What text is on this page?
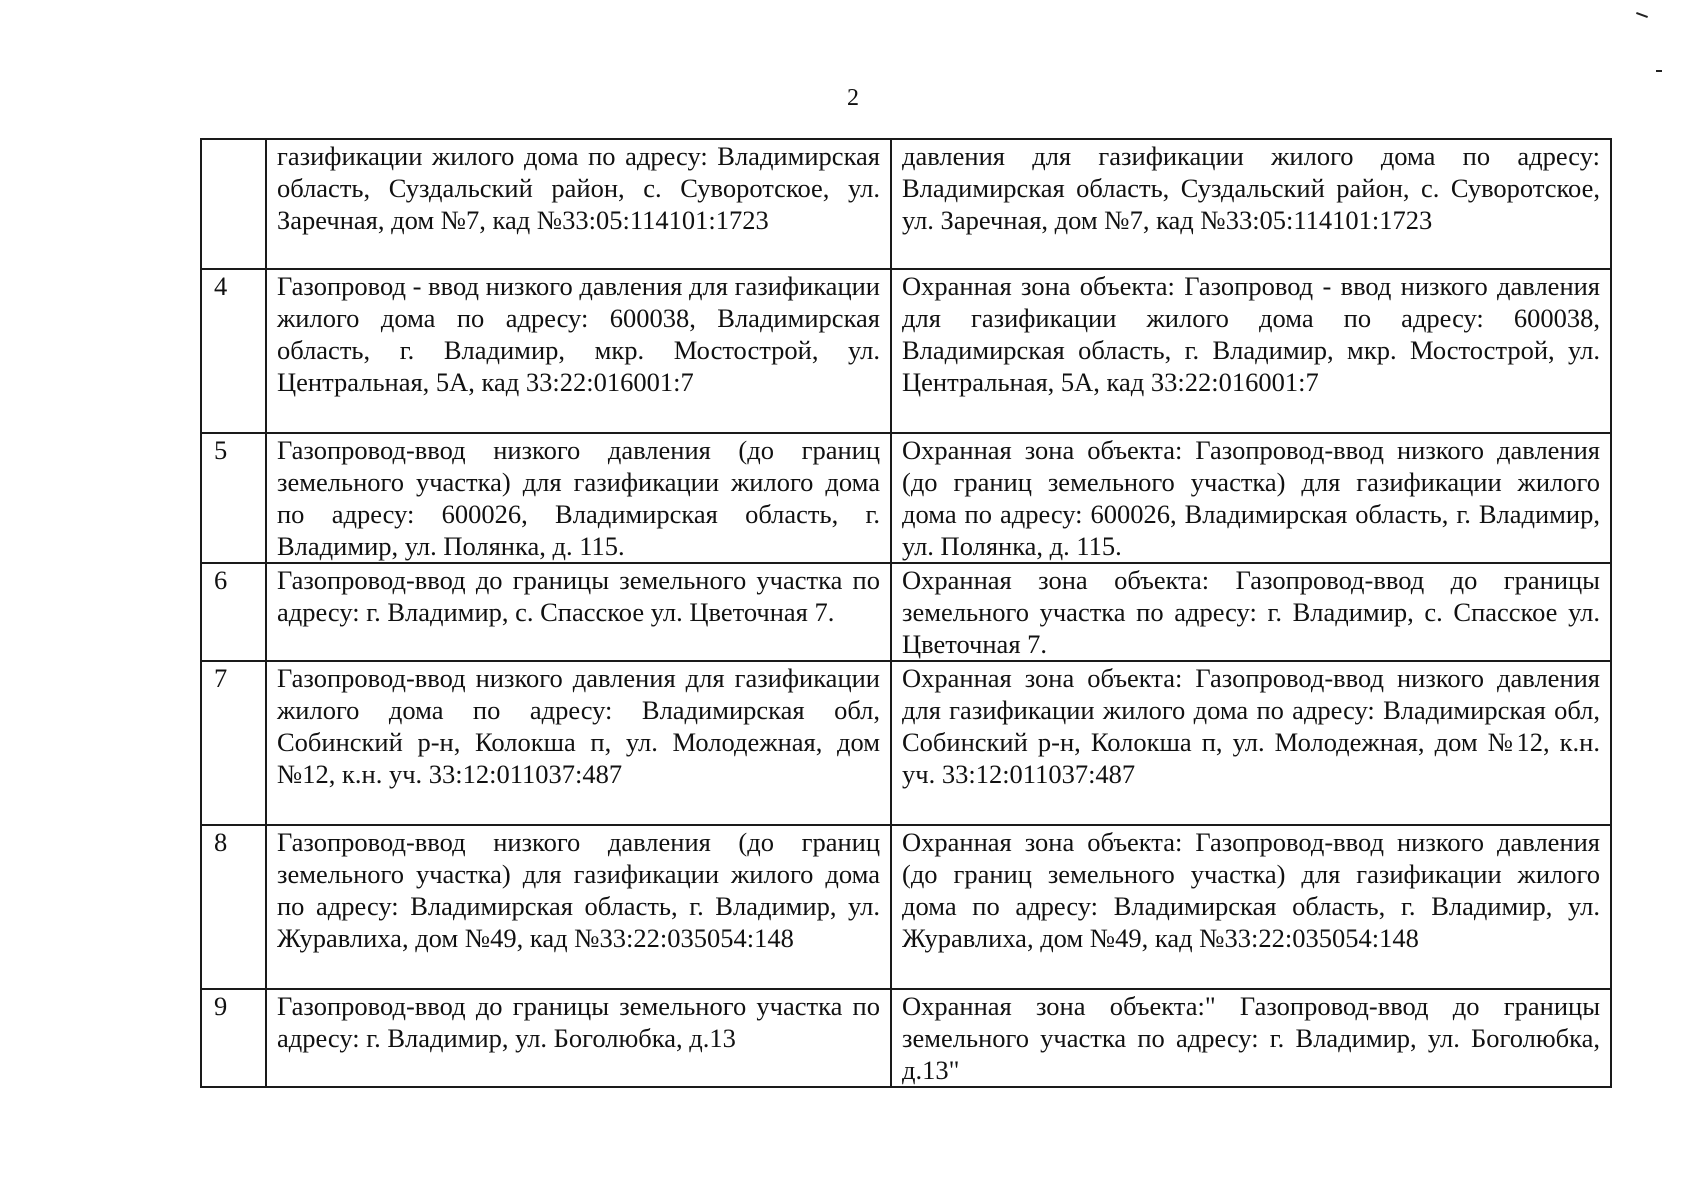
2
	газификации жилого дома по адресу: Владимирская область, Суздальский район, с. Суворотское, ул. Заречная, дом №7, кад №33:05:114101:1723	давления для газификации жилого дома по адресу: Владимирская область, Суздальский район, с. Суворотское, ул. Заречная, дом №7, кад №33:05:114101:1723
4	Газопровод - ввод низкого давления для газификации жилого дома по адресу: 600038, Владимирская область, г. Владимир, мкр. Мостострой, ул. Центральная, 5А, кад 33:22:016001:7	Охранная зона объекта: Газопровод - ввод низкого давления для газификации жилого дома по адресу: 600038, Владимирская область, г. Владимир, мкр. Мостострой, ул. Центральная, 5А, кад 33:22:016001:7
5	Газопровод-ввод низкого давления (до границ земельного участка) для газификации жилого дома по адресу: 600026, Владимирская область, г. Владимир, ул. Полянка, д. 115.	Охранная зона объекта: Газопровод-ввод низкого давления (до границ земельного участка) для газификации жилого дома по адресу: 600026, Владимирская область, г. Владимир, ул. Полянка, д. 115.
6	Газопровод-ввод до границы земельного участка по адресу: г. Владимир, с. Спасское ул. Цветочная 7.	Охранная зона объекта: Газопровод-ввод до границы земельного участка по адресу: г. Владимир, с. Спасское ул. Цветочная 7.
7	Газопровод-ввод низкого давления для газификации жилого дома по адресу: Владимирская обл, Собинский р-н, Колокша п, ул. Молодежная, дом №12, к.н. уч. 33:12:011037:487	Охранная зона объекта: Газопровод-ввод низкого давления для газификации жилого дома по адресу: Владимирская обл, Собинский р-н, Колокша п, ул. Молодежная, дом №12, к.н. уч. 33:12:011037:487
8	Газопровод-ввод низкого давления (до границ земельного участка) для газификации жилого дома по адресу: Владимирская область, г. Владимир, ул. Журавлиха, дом №49, кад №33:22:035054:148	Охранная зона объекта: Газопровод-ввод низкого давления (до границ земельного участка) для газификации жилого дома по адресу: Владимирская область, г. Владимир, ул. Журавлиха, дом №49, кад №33:22:035054:148
9	Газопровод-ввод до границы земельного участка по адресу: г. Владимир, ул. Боголюбка, д.13	Охранная зона объекта:" Газопровод-ввод до границы земельного участка по адресу: г. Владимир, ул. Боголюбка, д.13"
